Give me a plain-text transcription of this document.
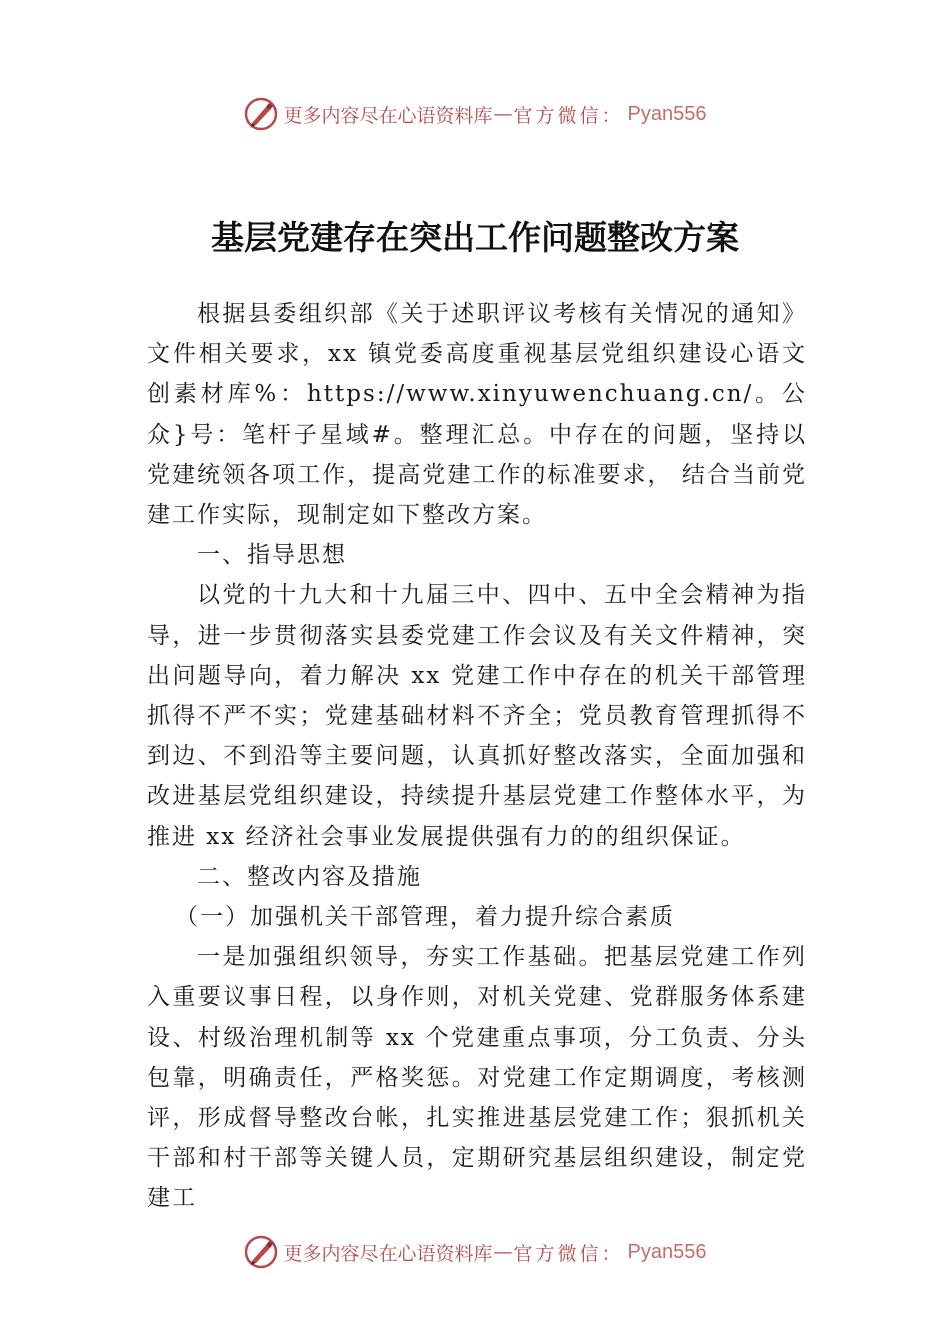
更多内容尽在心语资料库 — 官方微信： Pyan556
基层党建存在突出工作问题整改方案

根据县委组织部《关于述职评议考核有关情况的通知》文件相关要求，xx 镇党委高度重视基层党组织建设心语文创素材库%：https://www.xinyuwenchuang.cn/。公众}号：笔杆子星域#。整理汇总。中存在的问题，坚持以党建统领各项工作，提高党建工作的标准要求， 结合当前党建工作实际，现制定如下整改方案。

一、指导思想

以党的十九大和十九届三中、四中、五中全会精神为指导，进一步贯彻落实县委党建工作会议及有关文件精神，突出问题导向，着力解决 xx 党建工作中存在的机关干部管理抓得不严不实；党建基础材料不齐全；党员教育管理抓得不到边、不到沿等主要问题，认真抓好整改落实，全面加强和改进基层党组织建设，持续提升基层党建工作整体水平，为推进 xx 经济社会事业发展提供强有力的的组织保证。

二、整改内容及措施

（一）加强机关干部管理，着力提升综合素质

一是加强组织领导，夯实工作基础。把基层党建工作列入重要议事日程，以身作则，对机关党建、党群服务体系建设、村级治理机制等 xx 个党建重点事项，分工负责、分头包靠，明确责任，严格奖惩。对党建工作定期调度，考核测评，形成督导整改台帐，扎实推进基层党建工作；狠抓机关干部和村干部等关键人员，定期研究基层组织建设，制定党建工

更多内容尽在心语资料库 — 官方微信： Pyan556
